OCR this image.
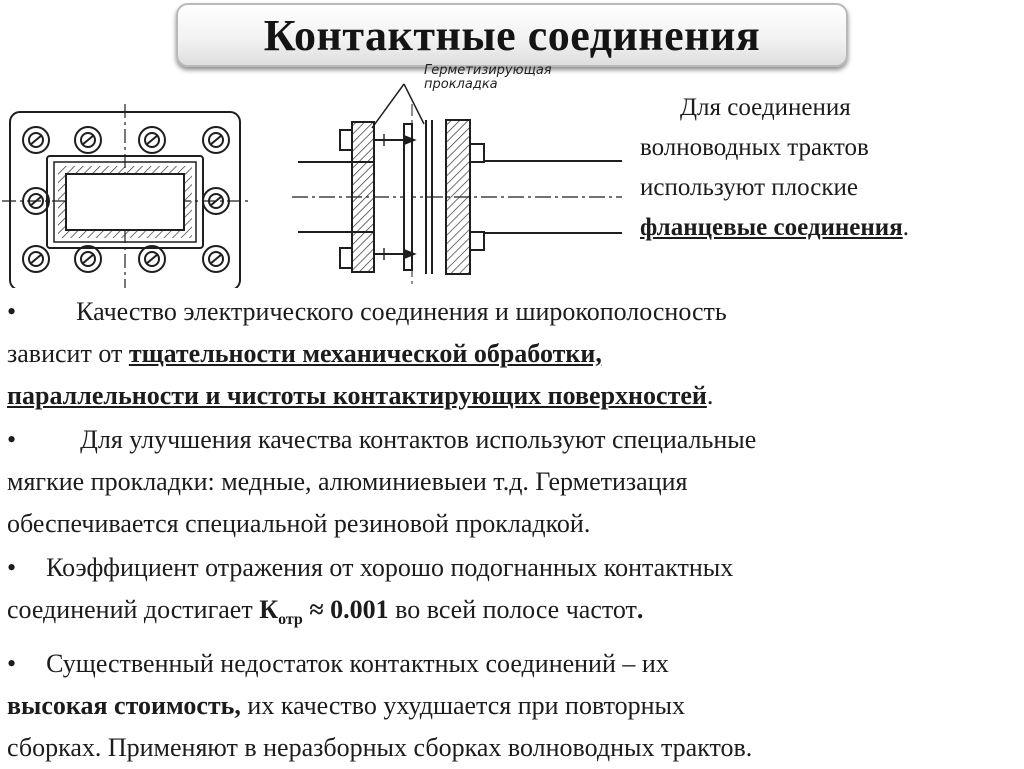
Контактные соединения
Герметизирующая
прокладка
Для соединения
волноводных трактов
используют плоские
фланцевые соединения.
• Качество электрического соединения и широкополосность
зависит от тщательности механической обработки,
параллельности и чистоты контактирующих поверхностей.
• Для улучшения качества контактов используют специальные
мягкие прокладки: медные, алюминиевыеи т.д. Герметизация
обеспечивается специальной резиновой прокладкой.
• Коэффициент отражения от хорошо подогнанных контактных
соединений достигает $К_{отр} \approx 0.001$ во всей полосе частот.
• Существенный недостаток контактных соединений – их
высокая стоимость, их качество ухудшается при повторных
сборках. Применяют в неразборных сборках волноводных трактов.
